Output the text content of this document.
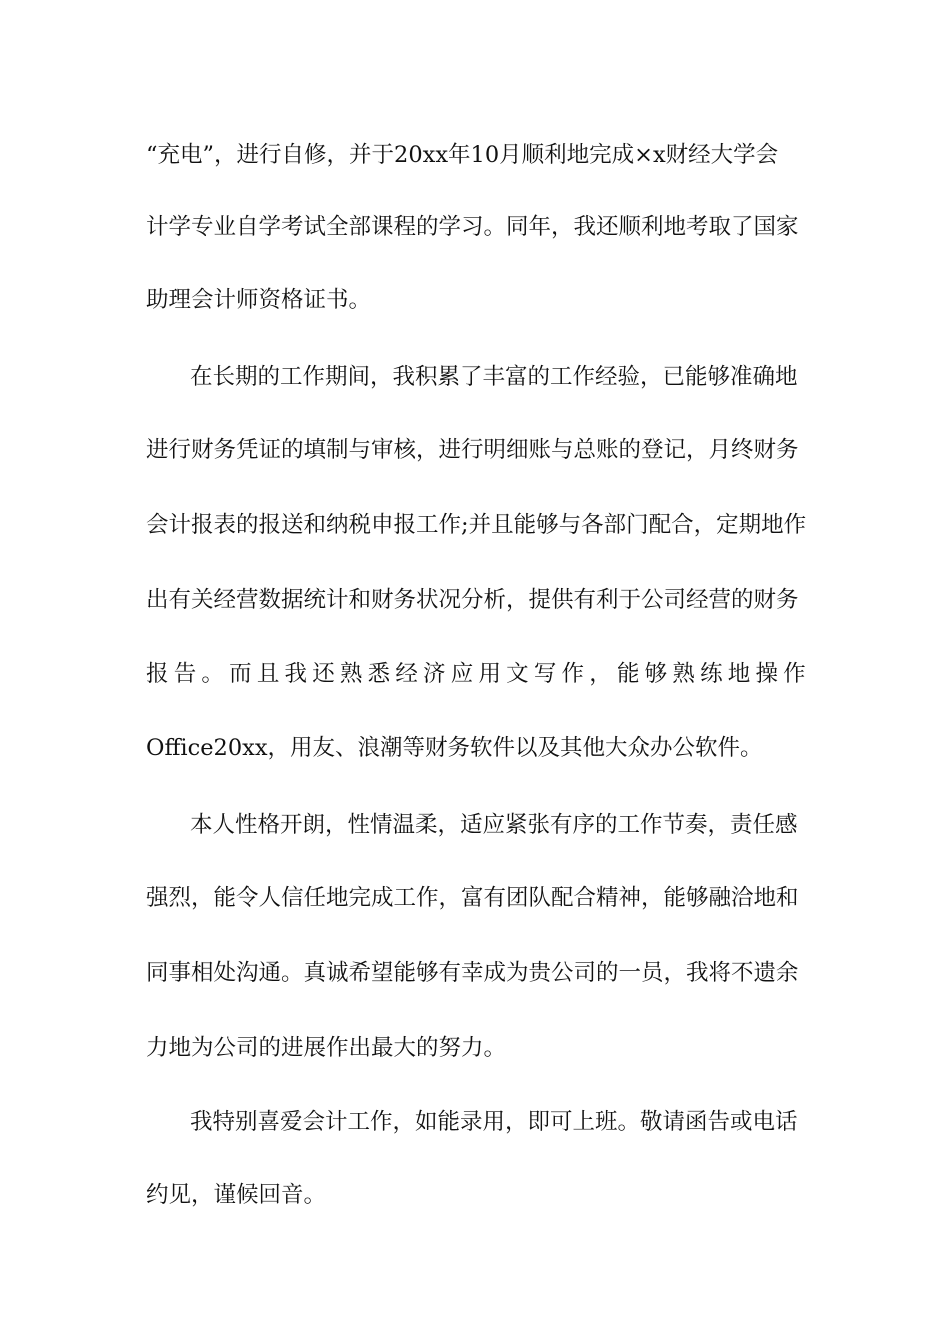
“充电”，进行自修，并于20xx年10月顺利地完成×x财经大学会
计学专业自学考试全部课程的学习。同年，我还顺利地考取了国家
助理会计师资格证书。
在长期的工作期间，我积累了丰富的工作经验，已能够准确地
进行财务凭证的填制与审核，进行明细账与总账的登记，月终财务
会计报表的报送和纳税申报工作;并且能够与各部门配合，定期地作
出有关经营数据统计和财务状况分析，提供有利于公司经营的财务
报 告 。 而 且 我 还 熟 悉 经 济 应 用 文 写 作 ， 能 够 熟 练 地 操 作
Office20xx，用友、浪潮等财务软件以及其他大众办公软件。
本人性格开朗，性情温柔，适应紧张有序的工作节奏，责任感
强烈，能令人信任地完成工作，富有团队配合精神，能够融洽地和
同事相处沟通。真诚希望能够有幸成为贵公司的一员，我将不遗余
力地为公司的进展作出最大的努力。
我特别喜爱会计工作，如能录用，即可上班。敬请函告或电话
约见，谨候回音。
